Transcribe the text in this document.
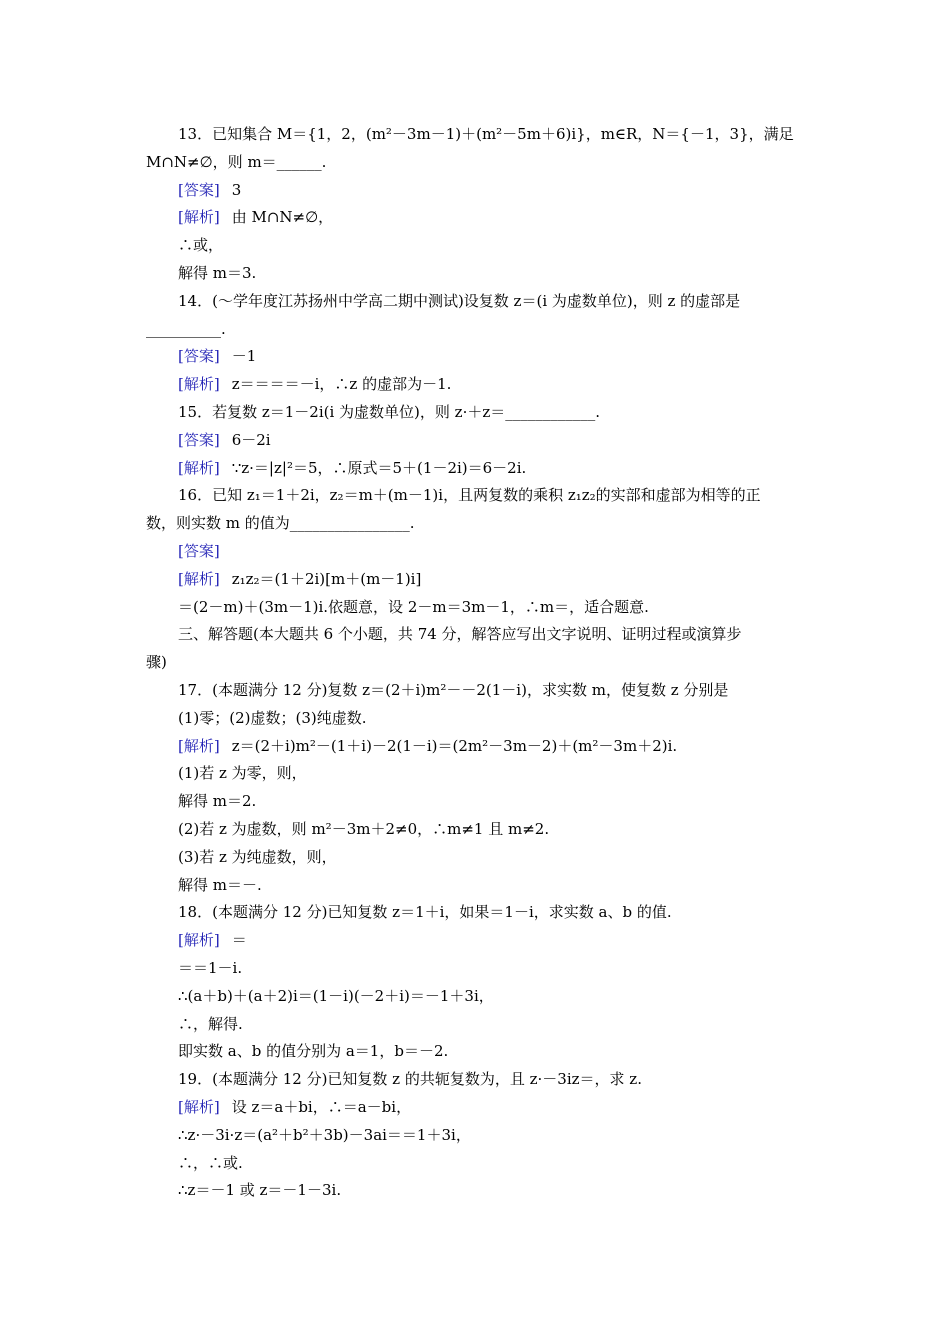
13．已知集合 M＝{1，2，(m²－3m－1)＋(m²－5m＋6)i}，m∈R，N＝{－1，3}，满足

M∩N≠∅，则 m＝______.

[答案] 3

[解析] 由 M∩N≠∅，

∴或，

解得 m＝3.

14．(～学年度江苏扬州中学高二期中测试)设复数 z＝(i 为虚数单位)，则 z 的虚部是

__________.

[答案] －1

[解析] z＝＝＝＝－i，∴z 的虚部为－1.

15．若复数 z＝1－2i(i 为虚数单位)，则 z·＋z＝____________.

[答案] 6－2i

[解析] ∵z·＝|z|²＝5，∴原式＝5＋(1－2i)＝6－2i.

16．已知 z₁＝1＋2i，z₂＝m＋(m－1)i，且两复数的乘积 z₁z₂的实部和虚部为相等的正

数，则实数 m 的值为________________.

[答案]

[解析] z₁z₂＝(1＋2i)[m＋(m－1)i]

＝(2－m)＋(3m－1)i.依题意，设 2－m＝3m－1，∴m＝，适合题意.

三、解答题(本大题共 6 个小题，共 74 分，解答应写出文字说明、证明过程或演算步

骤)

17．(本题满分 12 分)复数 z＝(2＋i)m²－－2(1－i)，求实数 m，使复数 z 分别是

(1)零；(2)虚数；(3)纯虚数.

[解析] z＝(2＋i)m²－(1＋i)－2(1－i)＝(2m²－3m－2)＋(m²－3m＋2)i.

(1)若 z 为零，则，

解得 m＝2.

(2)若 z 为虚数，则 m²－3m＋2≠0，∴m≠1 且 m≠2.

(3)若 z 为纯虚数，则，

解得 m＝－.

18．(本题满分 12 分)已知复数 z＝1＋i，如果＝1－i，求实数 a、b 的值.

[解析] ＝

＝＝1－i.

∴(a＋b)＋(a＋2)i＝(1－i)(－2＋i)＝－1＋3i，

∴，解得.

即实数 a、b 的值分别为 a＝1，b＝－2.

19．(本题满分 12 分)已知复数 z 的共轭复数为，且 z·－3iz＝，求 z.

[解析] 设 z＝a＋bi，∴＝a－bi，

∴z·－3i·z＝(a²＋b²＋3b)－3ai＝＝1＋3i，

∴，∴或.

∴z＝－1 或 z＝－1－3i.
